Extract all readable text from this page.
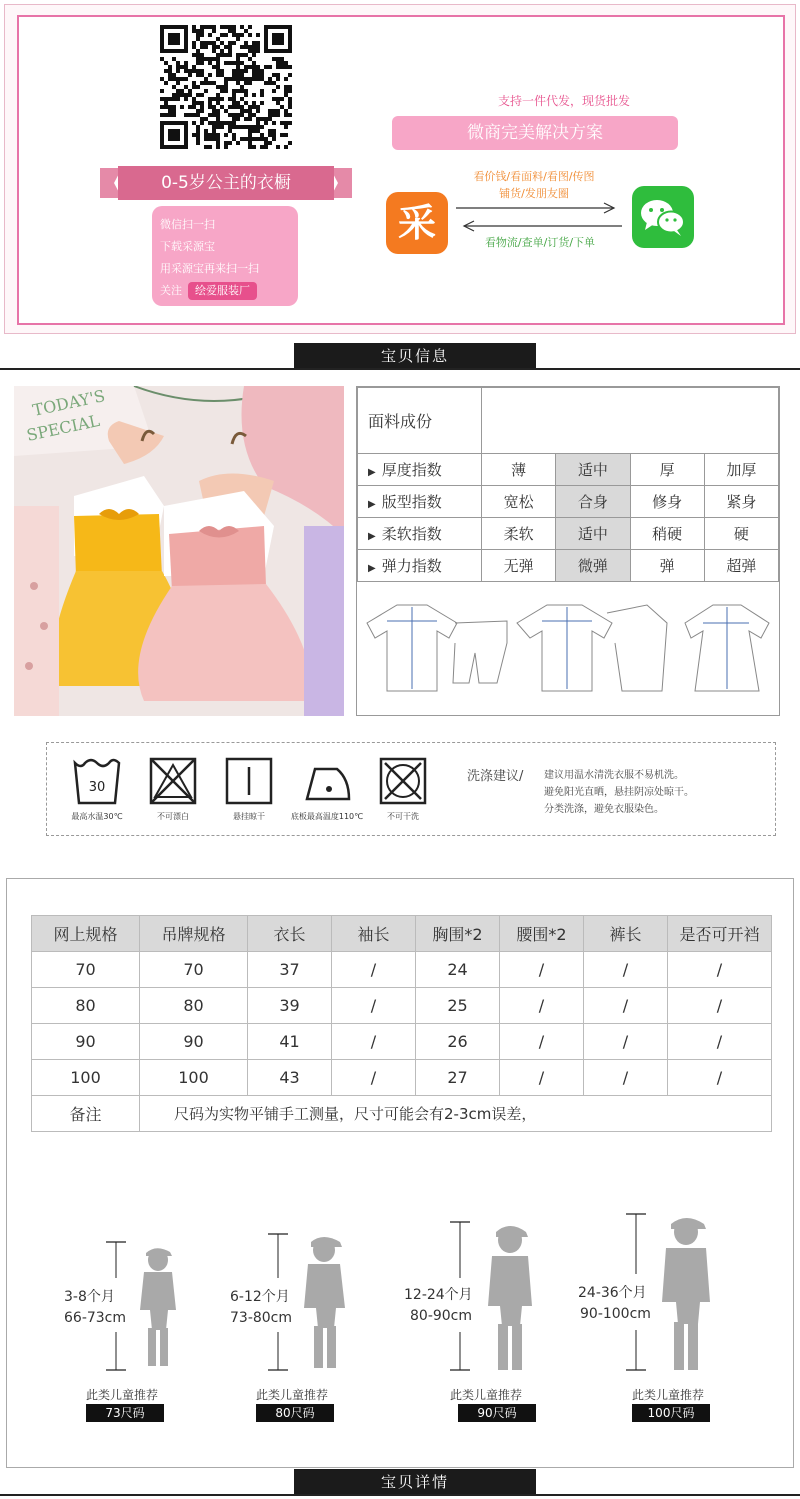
0-5岁公主的衣橱
微信扫一扫
下载采源宝
用采源宝再来扫一扫
关注	绘爱服装厂
支持一件代发，现货批发
微商完美解决方案
采
看价钱/看面料/看图/传图
铺货/发朋友圈
看物流/查单/订货/下单
宝贝信息
TODAY'S
SPECIAL	面料成份				
▶ 厚度指数	薄	适中	厚	加厚
▶ 版型指数	宽松	合身	修身	紧身
▶ 柔软指数	柔软	适中	稍硬	硬
▶ 弹力指数	无弹	微弹	弹	超弹
30
最高水温30℃	不可漂白	悬挂晾干	底板最高温度110℃	不可干洗
洗涤建议/ 建议用温水清洗衣服不易机洗。
避免阳光直晒，悬挂阴凉处晾干。
分类洗涤，避免衣服染色。
网上规格	吊牌规格	衣长	袖长	胸围*2	腰围*2	裤长	是否可开裆
70	70	37	/	24	/	/	/
80	80	39	/	25	/	/	/
90	90	41	/	26	/	/	/
100	100	43	/	27	/	/	/
备注	尺码为实物平铺手工测量，尺寸可能会有2-3cm误差，						
3-8个月
66-73cm
此类儿童推荐
73尺码
6-12个月
73-80cm
此类儿童推荐
80尺码
12-24个月
80-90cm
此类儿童推荐
90尺码
24-36个月
90-100cm
此类儿童推荐
100尺码
宝贝详情
